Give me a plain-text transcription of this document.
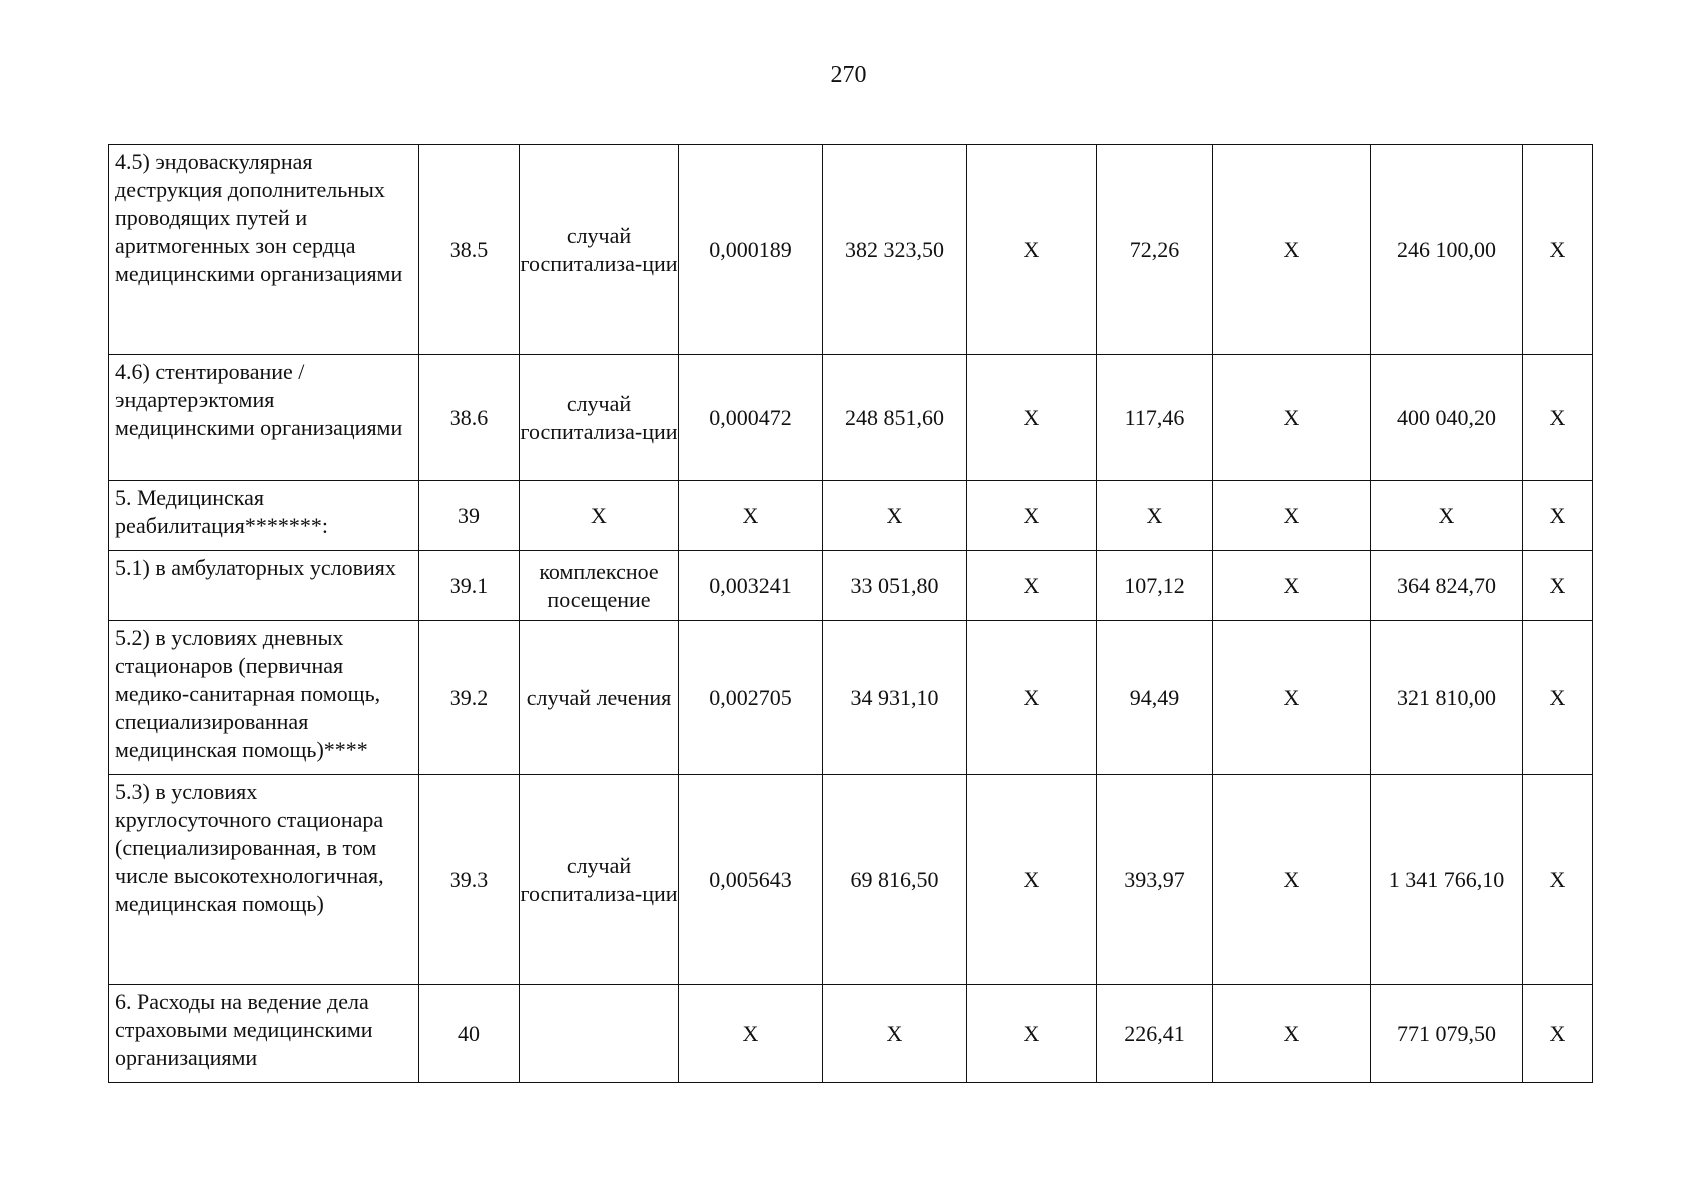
270
4.5) эндоваскулярная деструкция дополнительных проводящих путей и аритмогенных зон сердца медицинскими организациями	38.5	случай госпитализа-ции	0,000189	382 323,50	X	72,26	X	246 100,00	X
4.6) стентирование / эндартерэктомия медицинскими организациями	38.6	случай госпитализа-ции	0,000472	248 851,60	X	117,46	X	400 040,20	X
5. Медицинская реабилитация*******:	39	X	X	X	X	X	X	X	X
5.1) в амбулаторных условиях	39.1	комплексное посещение	0,003241	33 051,80	X	107,12	X	364 824,70	X
5.2) в условиях дневных стационаров (первичная медико-санитарная помощь, специализированная медицинская помощь)****	39.2	случай лечения	0,002705	34 931,10	X	94,49	X	321 810,00	X
5.3) в условиях круглосуточного стационара (специализированная, в том числе высокотехнологичная, медицинская помощь)	39.3	случай госпитализа-ции	0,005643	69 816,50	X	393,97	X	1 341 766,10	X
6. Расходы на ведение дела страховыми медицинскими организациями	40		X	X	X	226,41	X	771 079,50	X
